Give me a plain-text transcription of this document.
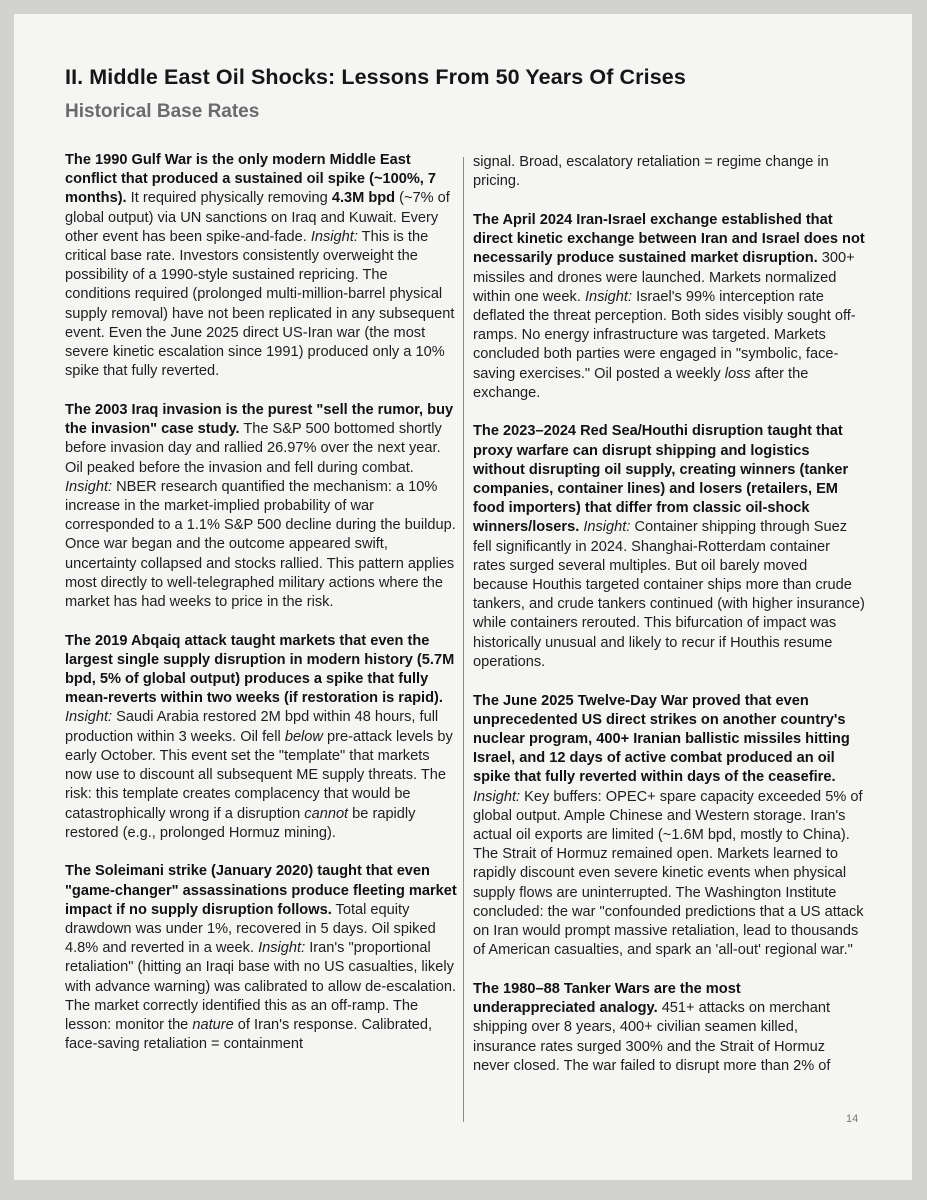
II. Middle East Oil Shocks: Lessons From 50 Years Of Crises
Historical Base Rates

The 1990 Gulf War is the only modern Middle East conflict that produced a sustained oil spike (~100%, 7 months). It required physically removing 4.3M bpd (~7% of global output) via UN sanctions on Iraq and Kuwait. Every other event has been spike-and-fade. Insight: This is the critical base rate. Investors consistently overweight the possibility of a 1990-style sustained repricing. The conditions required (prolonged multi-million-barrel physical supply removal) have not been replicated in any subsequent event. Even the June 2025 direct US-Iran war (the most severe kinetic escalation since 1991) produced only a 10% spike that fully reverted.

The 2003 Iraq invasion is the purest "sell the rumor, buy the invasion" case study. The S&P 500 bottomed shortly before invasion day and rallied 26.97% over the next year. Oil peaked before the invasion and fell during combat. Insight: NBER research quantified the mechanism: a 10% increase in the market-implied probability of war corresponded to a 1.1% S&P 500 decline during the buildup. Once war began and the outcome appeared swift, uncertainty collapsed and stocks rallied. This pattern applies most directly to well-telegraphed military actions where the market has had weeks to price in the risk.

The 2019 Abqaiq attack taught markets that even the largest single supply disruption in modern history (5.7M bpd, 5% of global output) produces a spike that fully mean-reverts within two weeks (if restoration is rapid). Insight: Saudi Arabia restored 2M bpd within 48 hours, full production within 3 weeks. Oil fell below pre-attack levels by early October. This event set the "template" that markets now use to discount all subsequent ME supply threats. The risk: this template creates complacency that would be catastrophically wrong if a disruption cannot be rapidly restored (e.g., prolonged Hormuz mining).

The Soleimani strike (January 2020) taught that even "game-changer" assassinations produce fleeting market impact if no supply disruption follows. Total equity drawdown was under 1%, recovered in 5 days. Oil spiked 4.8% and reverted in a week. Insight: Iran's "proportional retaliation" (hitting an Iraqi base with no US casualties, likely with advance warning) was calibrated to allow de-escalation. The market correctly identified this as an off-ramp. The lesson: monitor the nature of Iran's response. Calibrated, face-saving retaliation = containment

signal. Broad, escalatory retaliation = regime change in pricing.

The April 2024 Iran-Israel exchange established that direct kinetic exchange between Iran and Israel does not necessarily produce sustained market disruption. 300+ missiles and drones were launched. Markets normalized within one week. Insight: Israel's 99% interception rate deflated the threat perception. Both sides visibly sought off-ramps. No energy infrastructure was targeted. Markets concluded both parties were engaged in "symbolic, face-saving exercises." Oil posted a weekly loss after the exchange.

The 2023–2024 Red Sea/Houthi disruption taught that proxy warfare can disrupt shipping and logistics without disrupting oil supply, creating winners (tanker companies, container lines) and losers (retailers, EM food importers) that differ from classic oil-shock winners/losers. Insight: Container shipping through Suez fell significantly in 2024. Shanghai-Rotterdam container rates surged several multiples. But oil barely moved because Houthis targeted container ships more than crude tankers, and crude tankers continued (with higher insurance) while containers rerouted. This bifurcation of impact was historically unusual and likely to recur if Houthis resume operations.

The June 2025 Twelve-Day War proved that even unprecedented US direct strikes on another country's nuclear program, 400+ Iranian ballistic missiles hitting Israel, and 12 days of active combat produced an oil spike that fully reverted within days of the ceasefire. Insight: Key buffers: OPEC+ spare capacity exceeded 5% of global output. Ample Chinese and Western storage. Iran's actual oil exports are limited (~1.6M bpd, mostly to China). The Strait of Hormuz remained open. Markets learned to rapidly discount even severe kinetic events when physical supply flows are uninterrupted. The Washington Institute concluded: the war "confounded predictions that a US attack on Iran would prompt massive retaliation, lead to thousands of American casualties, and spark an 'all-out' regional war."

The 1980–88 Tanker Wars are the most underappreciated analogy. 451+ attacks on merchant shipping over 8 years, 400+ civilian seamen killed, insurance rates surged 300% and the Strait of Hormuz never closed. The war failed to disrupt more than 2% of

14
